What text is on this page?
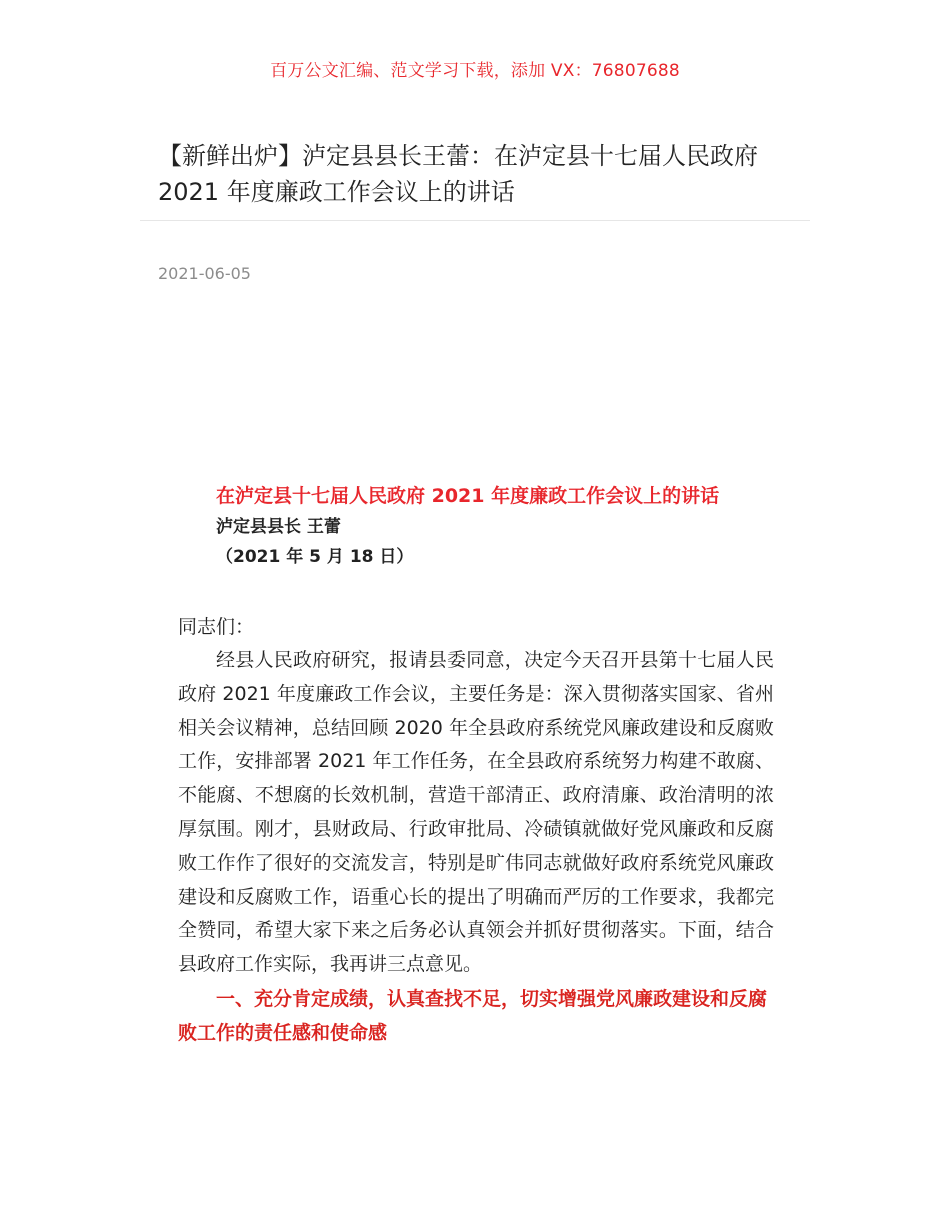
百万公文汇编、范文学习下载，添加 VX：76807688
【新鲜出炉】泸定县县长王蕾：在泸定县十七届人民政府 2021 年度廉政工作会议上的讲话
2021-06-05

在泸定县十七届人民政府 2021 年度廉政工作会议上的讲话

泸定县县长 王蕾

（2021 年 5 月 18 日）

同志们：

经县人民政府研究，报请县委同意，决定今天召开县第十七届人民政府 2021 年度廉政工作会议，主要任务是：深入贯彻落实国家、省州相关会议精神，总结回顾 2020 年全县政府系统党风廉政建设和反腐败工作，安排部署 2021 年工作任务，在全县政府系统努力构建不敢腐、不能腐、不想腐的长效机制，营造干部清正、政府清廉、政治清明的浓厚氛围。刚才，县财政局、行政审批局、冷碛镇就做好党风廉政和反腐败工作作了很好的交流发言，特别是旷伟同志就做好政府系统党风廉政建设和反腐败工作，语重心长的提出了明确而严厉的工作要求，我都完全赞同，希望大家下来之后务必认真领会并抓好贯彻落实。下面，结合县政府工作实际，我再讲三点意见。

一、充分肯定成绩，认真查找不足，切实增强党风廉政建设和反腐败工作的责任感和使命感
